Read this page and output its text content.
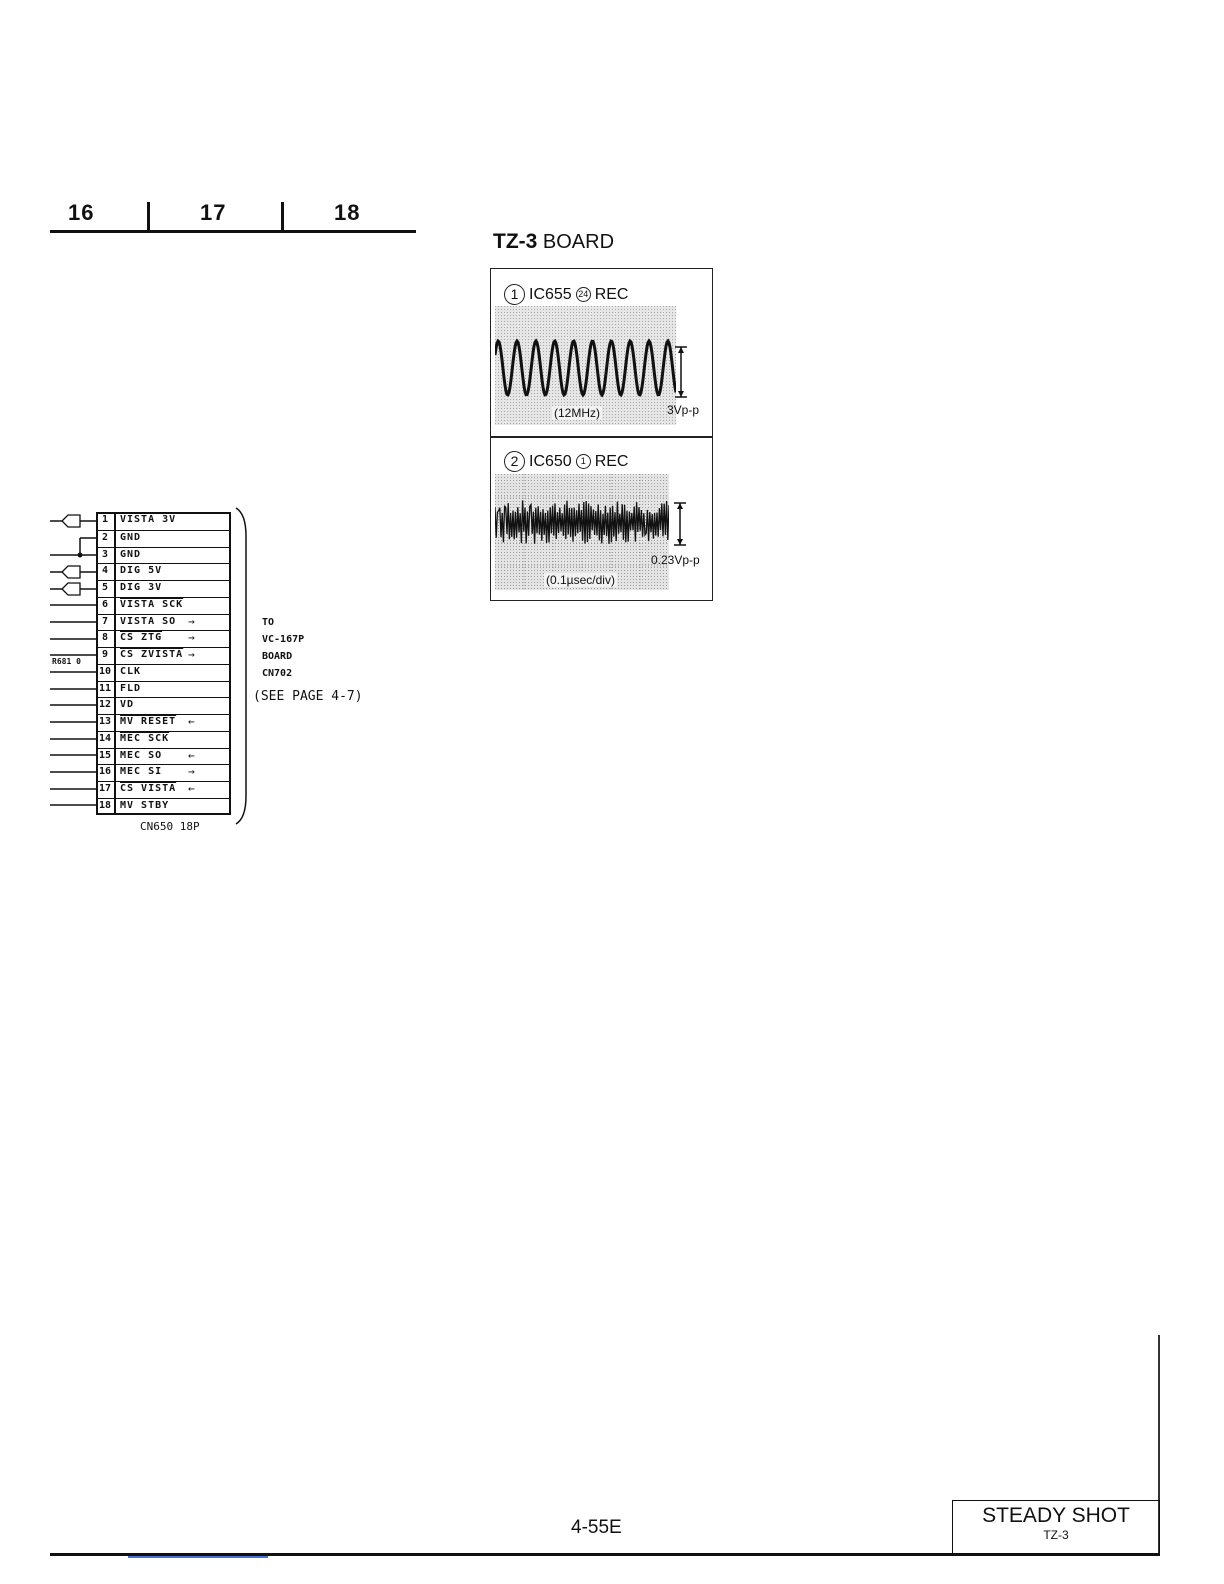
16	17	18
TZ-3 BOARD
1 IC655 24 REC
(12MHz)	3Vp-p
2 IC650 1 REC
(0.1µsec/div)
0.23Vp-p
1	VISTA 3V
2	GND
3	GND
4	DIG 5V
5	DIG 3V
6	VISTA SCK
7	VISTA SO →
8	CS ZTG →
9	CS ZVISTA →
10 CLK
11 FLD
12 VD
13 MV RESET ←
14 MEC SCK
15 MEC SO ←
16 MEC SI →
17 CS VISTA ←
18 MV STBY
R681 0
TO
VC-167P
BOARD
CN702
(SEE PAGE 4-7)
CN650 18P
4-55E
STEADY SHOT
TZ-3
